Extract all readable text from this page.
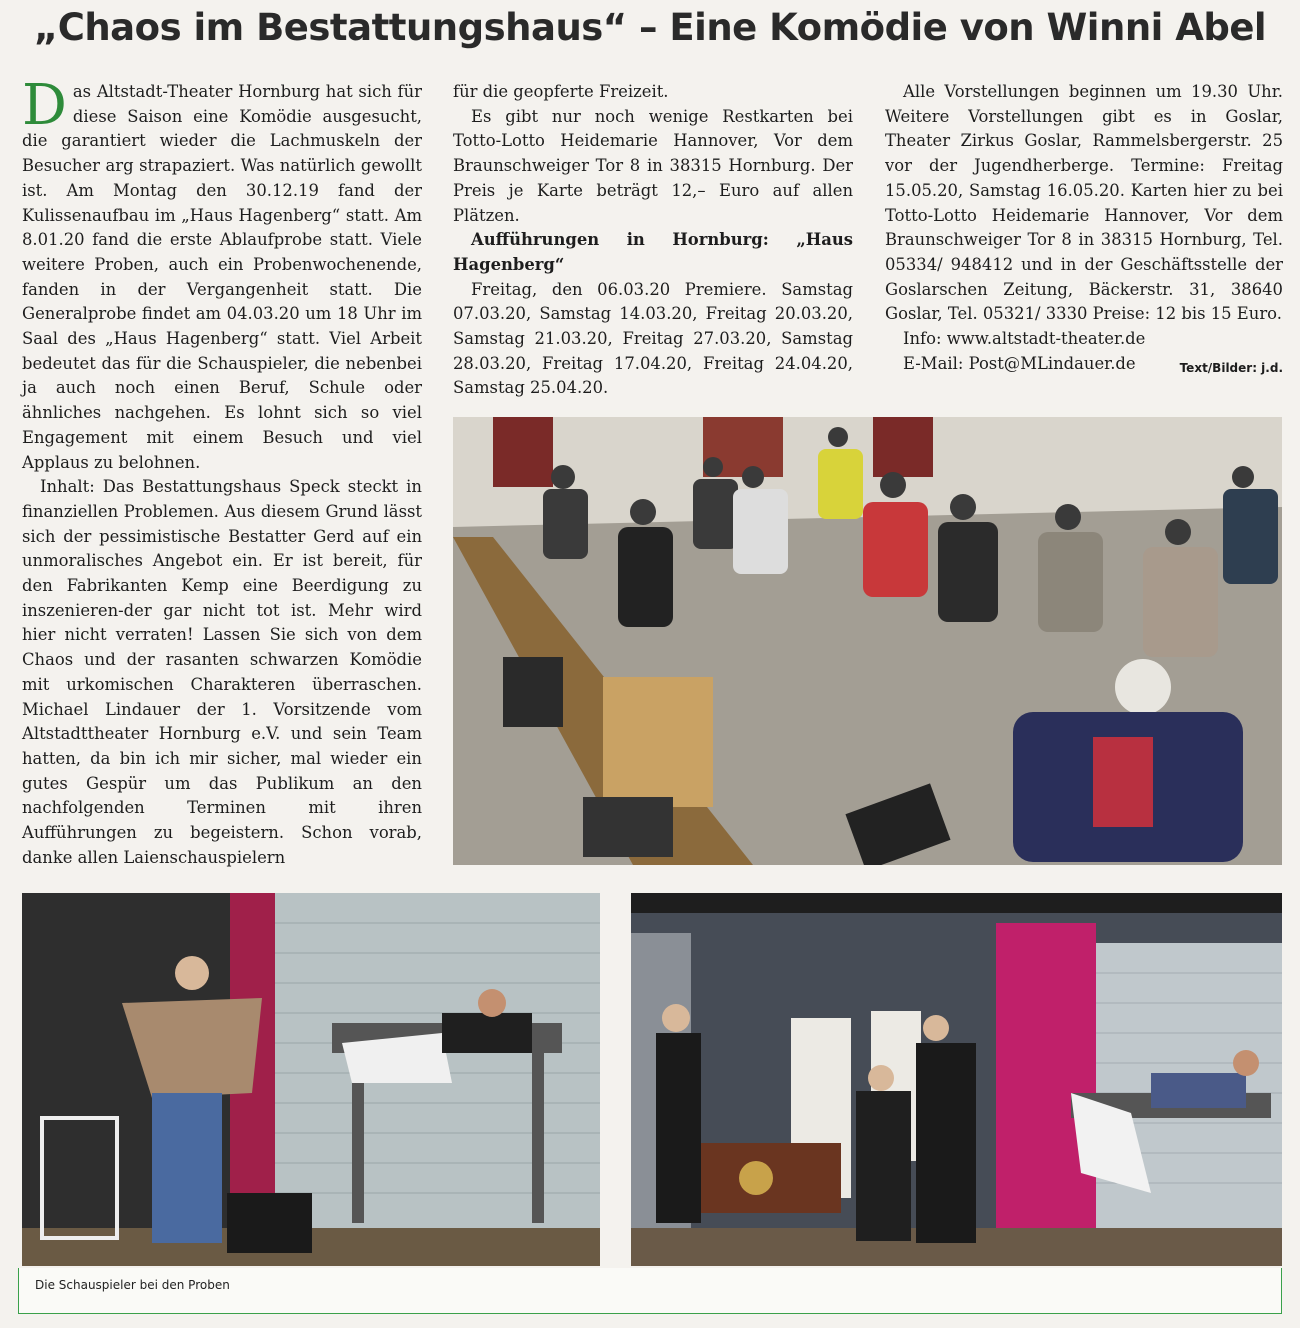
„Chaos im Bestattungshaus“ – Eine Komödie von Winni Abel

Das Altstadt-Theater Hornburg hat sich für diese Saison eine Komödie ausgesucht, die garantiert wieder die Lachmuskeln der Besucher arg strapaziert. Was natürlich gewollt ist. Am Montag den 30.12.19 fand der Kulissenaufbau im „Haus Hagenberg“ statt. Am 8.01.20 fand die erste Ablaufprobe statt. Viele weitere Proben, auch ein Probenwochenende, fanden in der Vergangenheit statt. Die Generalprobe findet am 04.03.20 um 18 Uhr im Saal des „Haus Hagenberg“ statt. Viel Arbeit bedeutet das für die Schauspieler, die nebenbei ja auch noch einen Beruf, Schule oder ähnliches nachgehen. Es lohnt sich so viel Engagement mit einem Besuch und viel Applaus zu belohnen.

Inhalt: Das Bestattungshaus Speck steckt in finanziellen Problemen. Aus diesem Grund lässt sich der pessimistische Bestatter Gerd auf ein unmoralisches Angebot ein. Er ist bereit, für den Fabrikanten Kemp eine Beerdigung zu inszenieren-der gar nicht tot ist. Mehr wird hier nicht verraten! Lassen Sie sich von dem Chaos und der rasanten schwarzen Komödie mit urkomischen Charakteren überraschen. Michael Lindauer der 1. Vorsitzende vom Altstadttheater Hornburg e.V. und sein Team hatten, da bin ich mir sicher, mal wieder ein gutes Gespür um das Publikum an den nachfolgenden Terminen mit ihren Aufführungen zu begeistern. Schon vorab, danke allen Laienschauspielern

für die geopferte Freizeit.

Es gibt nur noch wenige Restkarten bei Totto-Lotto Heidemarie Hannover, Vor dem Braunschweiger Tor 8 in 38315 Hornburg. Der Preis je Karte beträgt 12,– Euro auf allen Plätzen.

Aufführungen in Hornburg: „Haus Hagenberg“

Freitag, den 06.03.20 Premiere. Samstag 07.03.20, Samstag 14.03.20, Freitag 20.03.20, Samstag 21.03.20, Freitag 27.03.20, Samstag 28.03.20, Freitag 17.04.20, Freitag 24.04.20, Samstag 25.04.20.

Alle Vorstellungen beginnen um 19.30 Uhr. Weitere Vorstellungen gibt es in Goslar, Theater Zirkus Goslar, Rammelsbergerstr. 25 vor der Jugendherberge. Termine: Freitag 15.05.20, Samstag 16.05.20. Karten hier zu bei Totto-Lotto Heidemarie Hannover, Vor dem Braunschweiger Tor 8 in 38315 Hornburg, Tel. 05334/ 948412 und in der Geschäftsstelle der Goslarschen Zeitung, Bäckerstr. 31, 38640 Goslar, Tel. 05321/ 3330 Preise: 12 bis 15 Euro.

Info: www.altstadt-theater.de

E-Mail: Post@MLindauer.de	Text/Bilder: j.d.

Die Schauspieler bei den Proben
